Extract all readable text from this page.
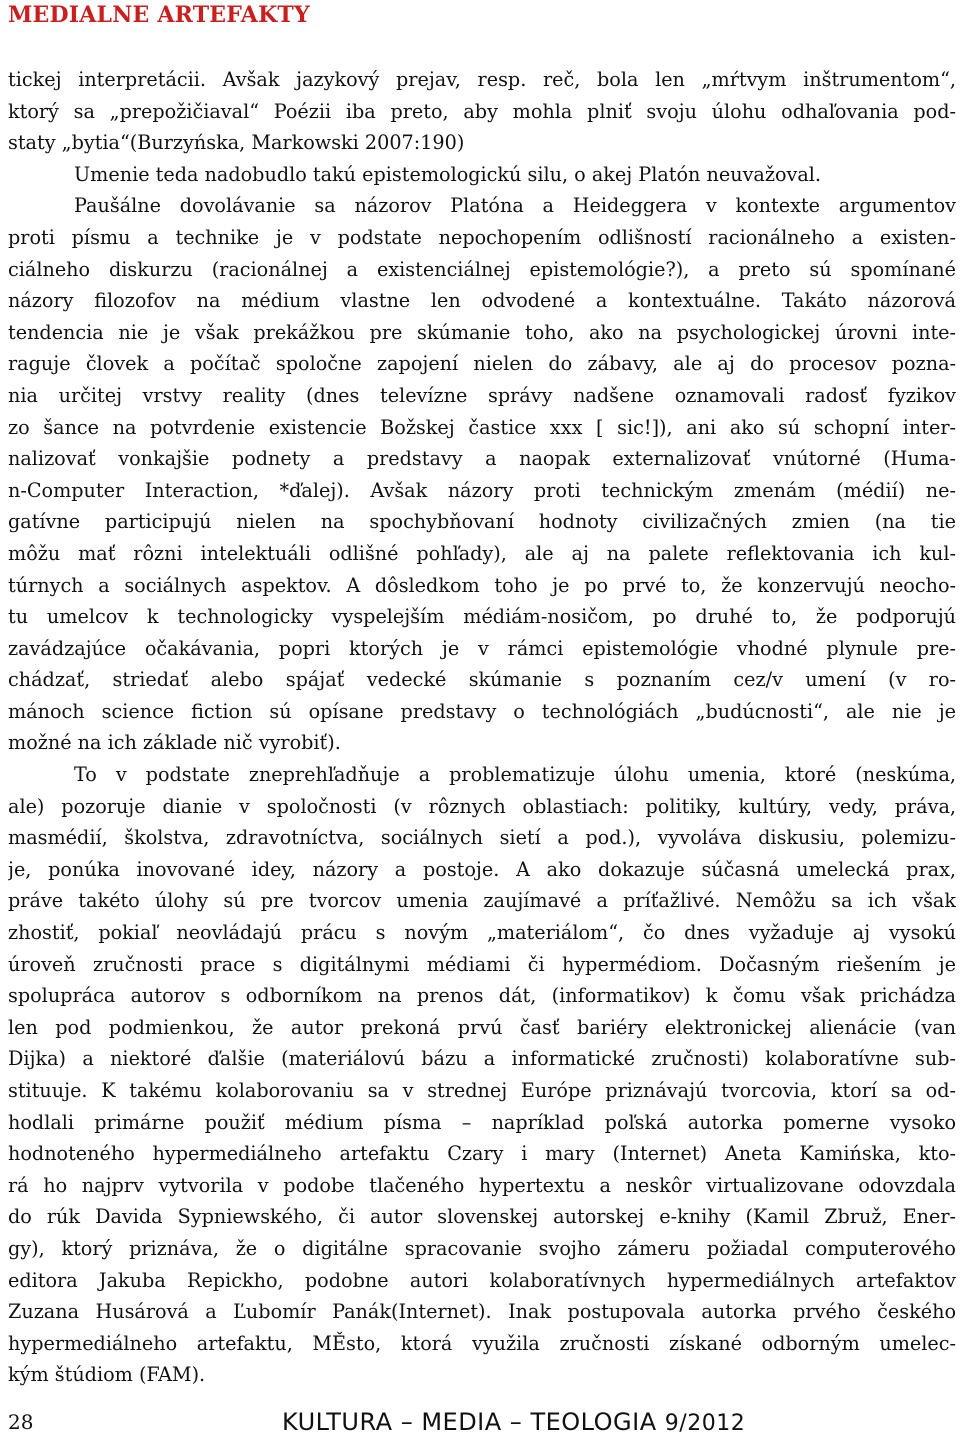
MEDIALNE ARTEFAKTY
tickej interpretácii. Avšak jazykový prejav, resp. reč, bola len „mŕtvym inštrumentom“,
ktorý sa „prepožičiaval“ Poézii iba preto, aby mohla plniť svoju úlohu odhaľovania pod-
staty „bytia“(Burzyńska, Markowski 2007:190)
Umenie teda nadobudlo takú epistemologickú silu, o akej Platón neuvažoval.
Paušálne dovolávanie sa názorov Platóna a Heideggera v kontexte argumentov
proti písmu a technike je v podstate nepochopením odlišností racionálneho a existen-
ciálneho diskurzu (racionálnej a existenciálnej epistemológie?), a preto sú spomínané
názory filozofov na médium vlastne len odvodené a kontextuálne. Takáto názorová
tendencia nie je však prekážkou pre skúmanie toho, ako na psychologickej úrovni inte-
raguje človek a počítač spoločne zapojení nielen do zábavy, ale aj do procesov pozna-
nia určitej vrstvy reality (dnes televízne správy nadšene oznamovali radosť fyzikov
zo šance na potvrdenie existencie Božskej častice xxx [ sic!]), ani ako sú schopní inter-
nalizovať vonkajšie podnety a predstavy a naopak externalizovať vnútorné (Huma-
n-Computer Interaction, *ďalej). Avšak názory proti technickým zmenám (médií) ne-
gatívne participujú nielen na spochybňovaní hodnoty civilizačných zmien (na tie
môžu mať rôzni intelektuáli odlišné pohľady), ale aj na palete reflektovania ich kul-
túrnych a sociálnych aspektov. A dôsledkom toho je po prvé to, že konzervujú neocho-
tu umelcov k technologicky vyspelejším médiám-nosičom, po druhé to, že podporujú
zavádzajúce očakávania, popri ktorých je v rámci epistemológie vhodné plynule pre-
chádzať, striedať alebo spájať vedecké skúmanie s poznaním cez/v umení (v ro-
mánoch science fiction sú opísane predstavy o technológiách „budúcnosti“, ale nie je
možné na ich základe nič vyrobiť).
To v podstate zneprehľadňuje a problematizuje úlohu umenia, ktoré (neskúma,
ale) pozoruje dianie v spoločnosti (v rôznych oblastiach: politiky, kultúry, vedy, práva,
masmédií, školstva, zdravotníctva, sociálnych sietí a pod.), vyvoláva diskusiu, polemizu-
je, ponúka inovované idey, názory a postoje. A ako dokazuje súčasná umelecká prax,
práve takéto úlohy sú pre tvorcov umenia zaujímavé a príťažlivé. Nemôžu sa ich však
zhostiť, pokiaľ neovládajú prácu s novým „materiálom“, čo dnes vyžaduje aj vysokú
úroveň zručnosti prace s digitálnymi médiami či hypermédiom. Dočasným riešením je
spolupráca autorov s odborníkom na prenos dát, (informatikov) k čomu však prichádza
len pod podmienkou, že autor prekoná prvú časť bariéry elektronickej alienácie (van
Dijka) a niektoré ďalšie (materiálovú bázu a informatické zručnosti) kolaboratívne sub-
stituuje. K takému kolaborovaniu sa v strednej Európe priznávajú tvorcovia, ktorí sa od-
hodlali primárne použiť médium písma – napríklad poľská autorka pomerne vysoko
hodnoteného hypermediálneho artefaktu Czary i mary (Internet) Aneta Kamińska, kto-
rá ho najprv vytvorila v podobe tlačeného hypertextu a neskôr virtualizovane odovzdala
do rúk Davida Sypniewského, či autor slovenskej autorskej e-knihy (Kamil Zbruž, Ener-
gy), ktorý priznáva, že o digitálne spracovanie svojho zámeru požiadal computerového
editora Jakuba Repickho, podobne autori kolaboratívnych hypermediálnych artefaktov
Zuzana Husárová a Ľubomír Panák(Internet). Inak postupovala autorka prvého českého
hypermediálneho artefaktu, MĚsto, ktorá využila zručnosti získané odborným umelec-
kým štúdiom (FAM).
28	KULTURA – MEDIA – TEOLOGIA 9/2012
